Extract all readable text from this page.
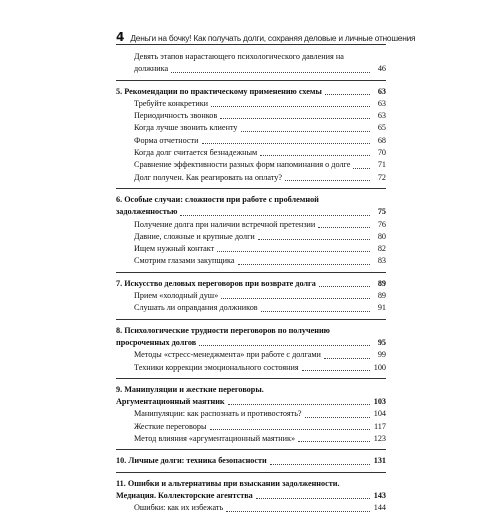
4 Деньги на бочку! Как получать долги, сохраняя деловые и личные отношения
Девять этапов нарастающего психологического давления на
должника	46
5. Рекомендации по практическому применению схемы	63
Требуйте конкретики	63
Периодичность звонков	63
Когда лучше звонить клиенту	65
Форма отчетности	68
Когда долг считается безнадежным	70
Сравнение эффективности разных форм напоминания о долге	71
Долг получен. Как реагировать на оплату?	72
6. Особые случаи: сложности при работе с проблемной
задолженностью	75
Получение долга при наличии встречной претензии	76
Давние, сложные и крупные долги	80
Ищем нужный контакт	82
Смотрим глазами закупщика	83
7. Искусство деловых переговоров при возврате долга	89
Прием «холодный душ»	89
Слушать ли оправдания должников	91
8. Психологические трудности переговоров по получению
просроченных долгов	95
Методы «стресс-менеджмента» при работе с долгами	99
Техники коррекции эмоционального состояния	100
9. Манипуляции и жесткие переговоры.
Аргументационный маятник	103
Манипуляции: как распознать и противостоять?	104
Жесткие переговоры	117
Метод влияния «аргументационный маятник»	123
10. Личные долги: техника безопасности	131
11. Ошибки и альтернативы при взыскании задолженности.
Медиация. Коллекторские агентства	143
Ошибки: как их избежать	144
